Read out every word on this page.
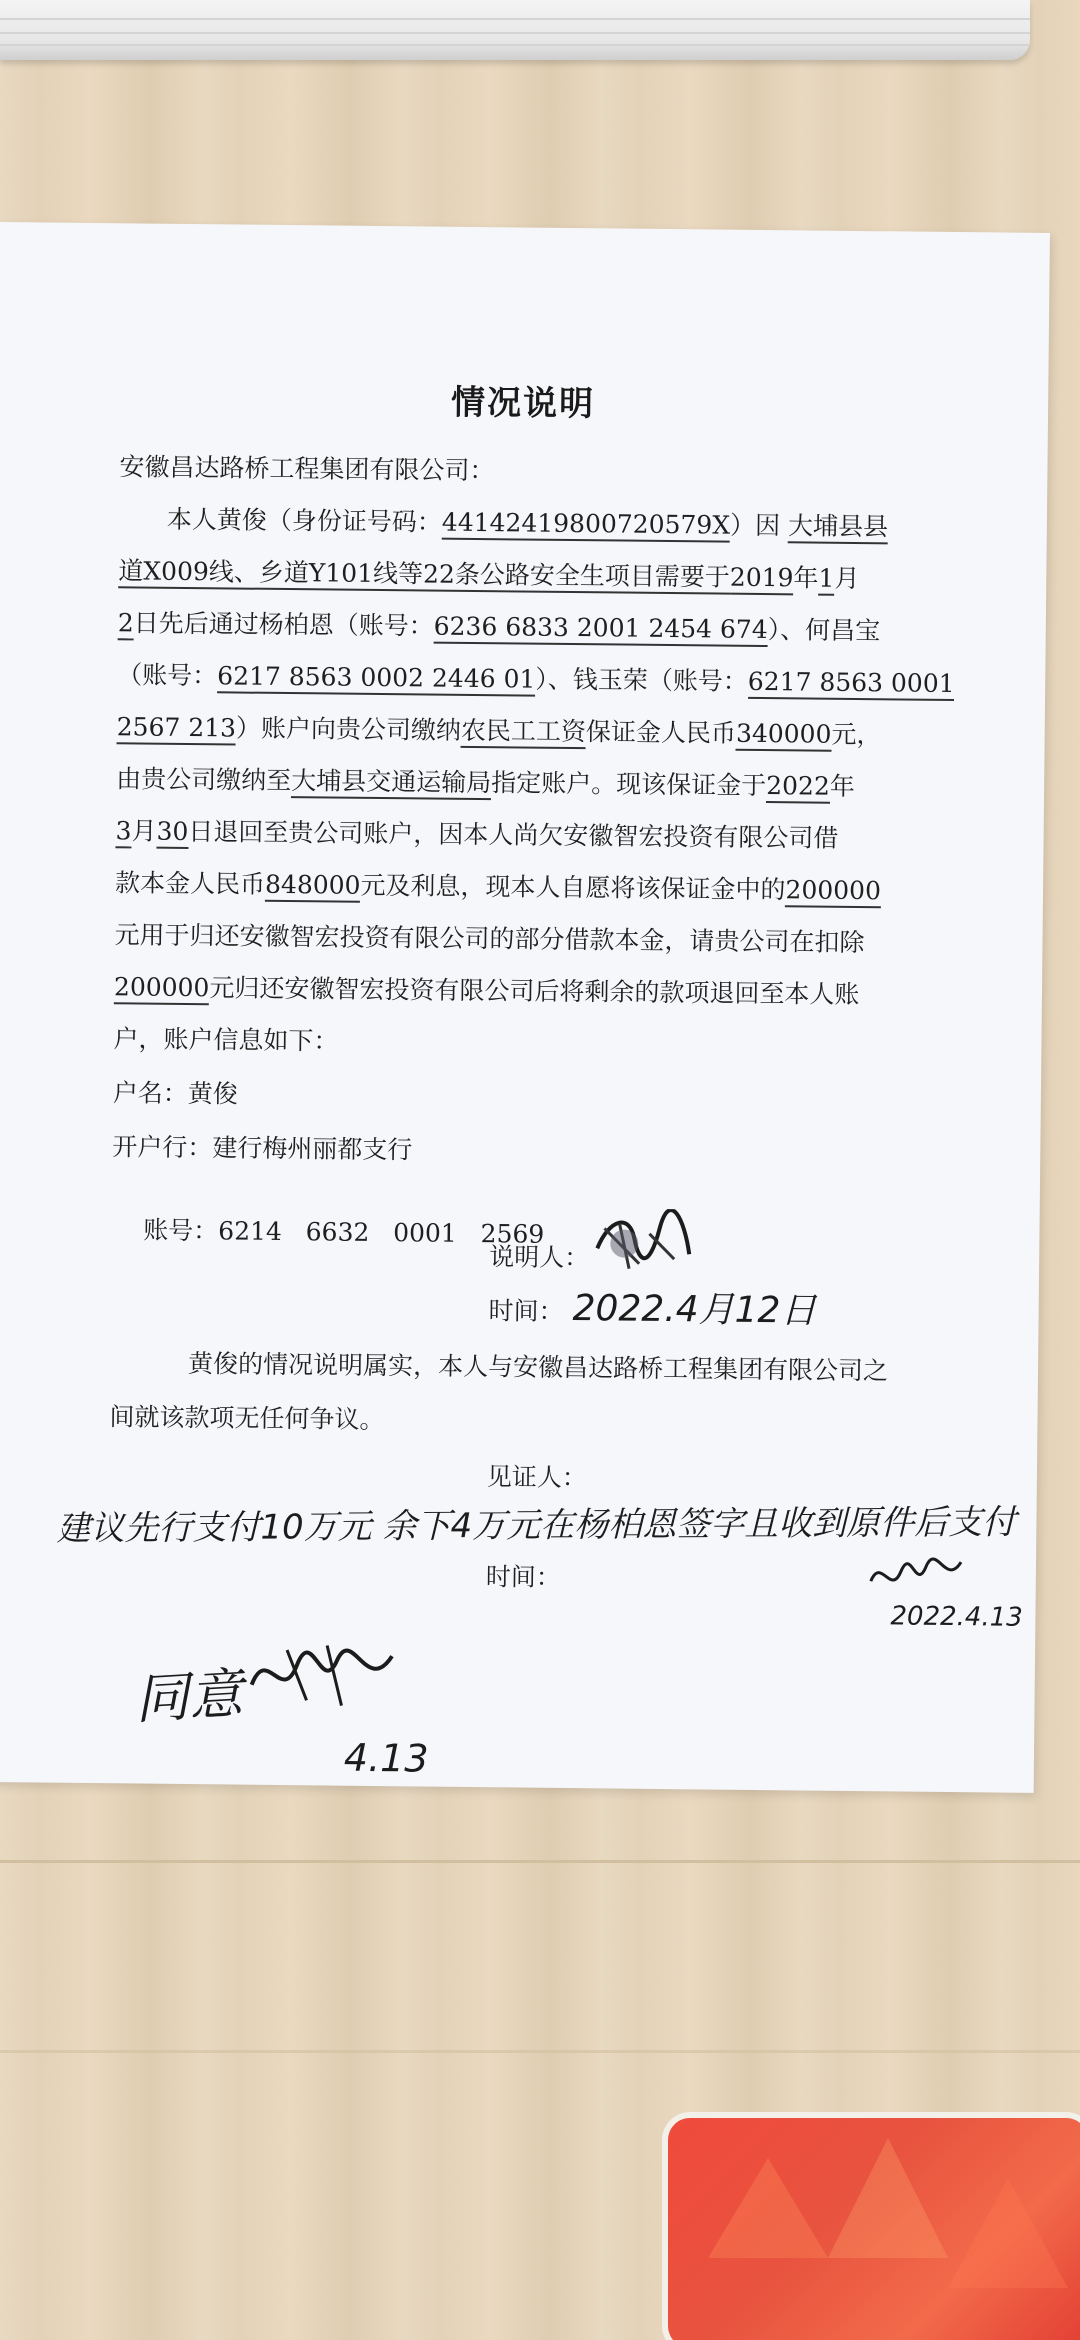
情况说明
安徽昌达路桥工程集团有限公司：
本人黄俊（身份证号码：44142419800720579X）因 大埔县县
道X009线、乡道Y101线等22条公路安全生项目需要于2019年1月
2日先后通过杨柏恩（账号：6236 6833 2001 2454 674）、何昌宝
（账号：6217 8563 0002 2446 01）、钱玉荣（账号：6217 8563 0001
2567 213）账户向贵公司缴纳农民工工资保证金人民币340000元，
由贵公司缴纳至大埔县交通运输局指定账户。现该保证金于2022年
3月30日退回至贵公司账户，因本人尚欠安徽智宏投资有限公司借
款本金人民币848000元及利息，现本人自愿将该保证金中的200000
元用于归还安徽智宏投资有限公司的部分借款本金，请贵公司在扣除
200000元归还安徽智宏投资有限公司后将剩余的款项退回至本人账
户，账户信息如下：
户名：黄俊
开户行：建行梅州丽都支行

账号：6214   6632   0001   2569

说明人：
时间： 2022.4月12日
黄俊的情况说明属实，本人与安徽昌达路桥工程集团有限公司之
间就该款项无任何争议。
见证人：
建议先行支付10万元 余下4万元在杨柏恩签字且收到原件后支付
时间：
2022.4.13
同意
4.13
